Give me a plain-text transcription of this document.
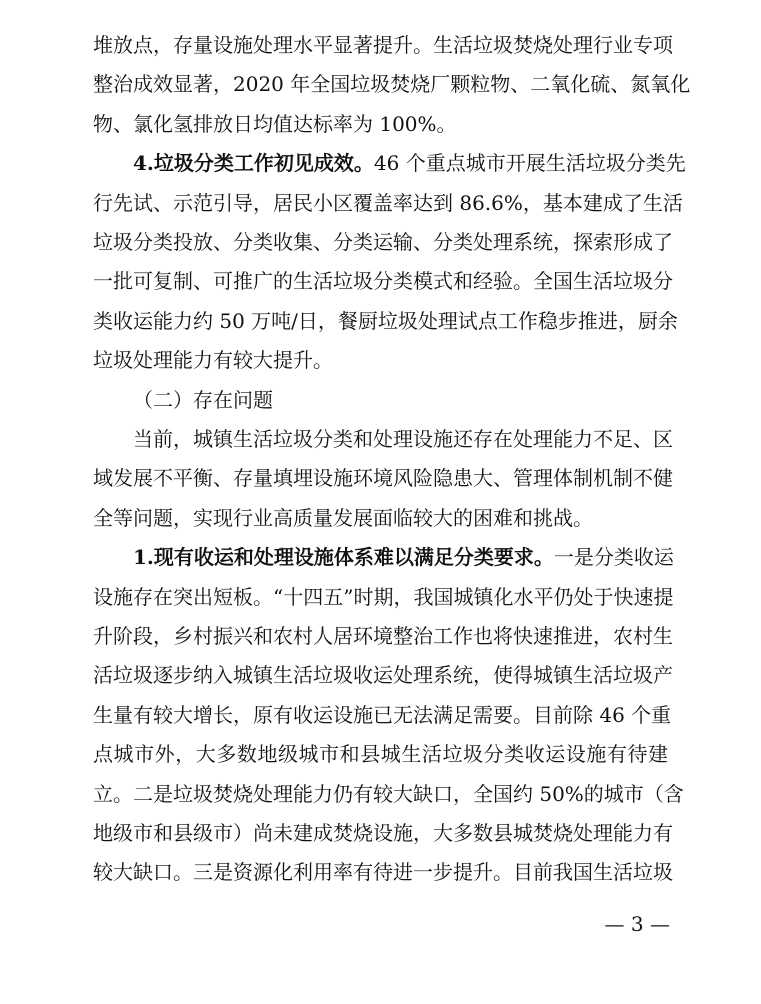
堆放点，存量设施处理水平显著提升。生活垃圾焚烧处理行业专项
整治成效显著，2020 年全国垃圾焚烧厂颗粒物、二氧化硫、氮氧化
物、氯化氢排放日均值达标率为 100%。
4.垃圾分类工作初见成效。46 个重点城市开展生活垃圾分类先
行先试、示范引导，居民小区覆盖率达到 86.6%，基本建成了生活
垃圾分类投放、分类收集、分类运输、分类处理系统，探索形成了
一批可复制、可推广的生活垃圾分类模式和经验。全国生活垃圾分
类收运能力约 50 万吨/日，餐厨垃圾处理试点工作稳步推进，厨余
垃圾处理能力有较大提升。
（二）存在问题
当前，城镇生活垃圾分类和处理设施还存在处理能力不足、区
域发展不平衡、存量填埋设施环境风险隐患大、管理体制机制不健
全等问题，实现行业高质量发展面临较大的困难和挑战。
1.现有收运和处理设施体系难以满足分类要求。一是分类收运
设施存在突出短板。“十四五”时期，我国城镇化水平仍处于快速提
升阶段，乡村振兴和农村人居环境整治工作也将快速推进，农村生
活垃圾逐步纳入城镇生活垃圾收运处理系统，使得城镇生活垃圾产
生量有较大增长，原有收运设施已无法满足需要。目前除 46 个重
点城市外，大多数地级城市和县城生活垃圾分类收运设施有待建
立。二是垃圾焚烧处理能力仍有较大缺口，全国约 50%的城市（含
地级市和县级市）尚未建成焚烧设施，大多数县城焚烧处理能力有
较大缺口。三是资源化利用率有待进一步提升。目前我国生活垃圾
— 3 —
